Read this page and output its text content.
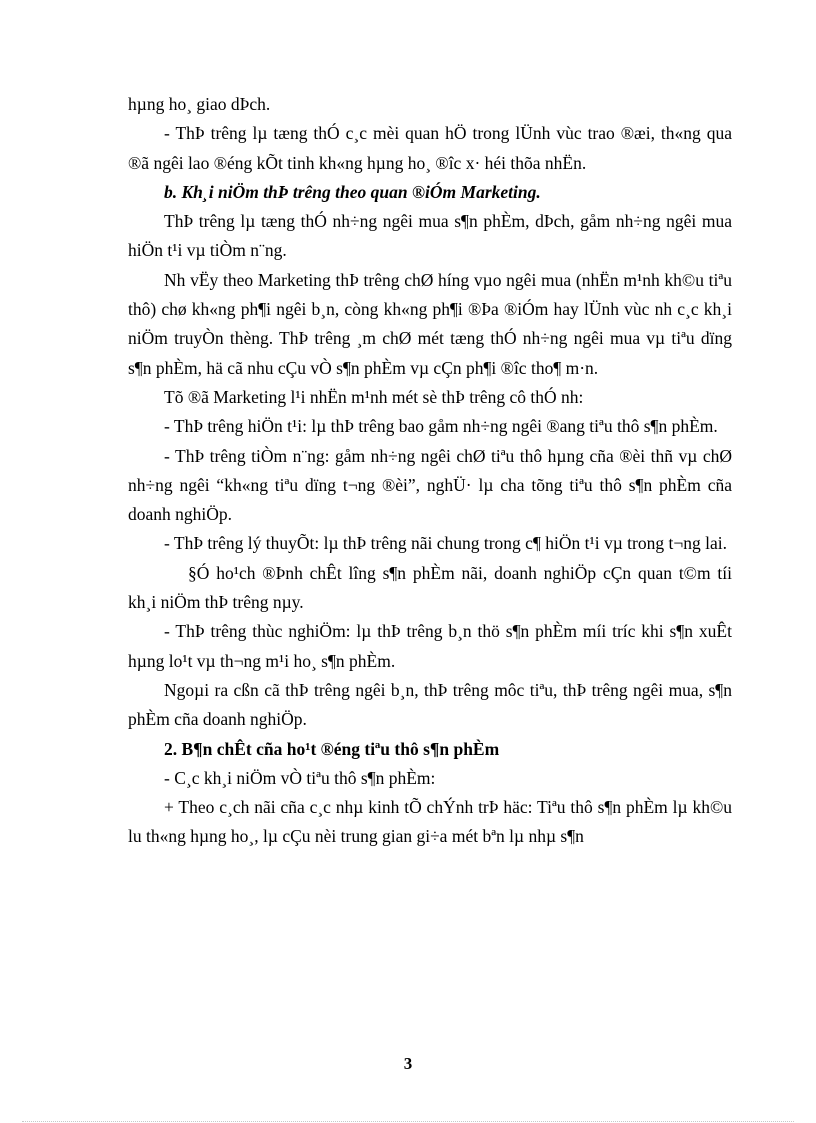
hµng ho¸ giao dÞch.

- ThÞ trêng lµ tæng thÓ c¸c mèi quan hÖ trong lÜnh vùc trao ®æi, th«ng qua ®ã ngêi lao ®éng kÕt tinh kh«ng hµng ho¸ ®îc x· héi thõa nhËn.

b. Kh¸i niÖm thÞ trêng theo quan ®iÓm Marketing.

ThÞ trêng lµ tæng thÓ nh÷ng ngêi mua s¶n phÈm, dÞch, gåm nh÷ng ngêi mua hiÖn t¹i vµ tiÒm n¨ng.

Nh vËy theo Marketing thÞ trêng chØ híng vµo ngêi mua (nhËn m¹nh kh©u tiªu thô) chø kh«ng ph¶i ngêi b¸n, còng kh«ng ph¶i ®Þa ®iÓm hay lÜnh vùc nh c¸c kh¸i niÖm truyÒn thèng. ThÞ trêng ¸m chØ mét tæng thÓ nh÷ng ngêi mua vµ tiªu dïng s¶n phÈm, hä cã nhu cÇu vÒ s¶n phÈm vµ cÇn ph¶i ®îc tho¶ m·n.

Tõ ®ã Marketing l¹i nhËn m¹nh mét sè thÞ trêng cô thÓ nh:

- ThÞ trêng hiÖn t¹i: lµ thÞ trêng bao gåm nh÷ng ngêi ®ang tiªu thô s¶n phÈm.

- ThÞ trêng tiÒm n¨ng: gåm nh÷ng ngêi chØ tiªu thô hµng cña ®èi thñ vµ chØ nh÷ng ngêi “kh«ng tiªu dïng t¬ng ®èi”, nghÜ· lµ cha tõng tiªu thô s¶n phÈm cña doanh nghiÖp.

- ThÞ trêng lý thuyÕt: lµ thÞ trêng nãi chung trong c¶ hiÖn t¹i vµ trong t¬ng lai.

§Ó ho¹ch ®Þnh chÊt lîng s¶n phÈm nãi, doanh nghiÖp cÇn quan t©m tíi kh¸i niÖm thÞ trêng nµy.

- ThÞ trêng thùc nghiÖm: lµ thÞ trêng b¸n thö s¶n phÈm míi tríc khi s¶n xuÊt hµng lo¹t vµ th¬ng m¹i ho¸ s¶n phÈm.

Ngoµi ra cßn cã thÞ trêng ngêi b¸n, thÞ trêng môc tiªu, thÞ trêng ngêi mua, s¶n phÈm cña doanh nghiÖp.

2. B¶n chÊt cña ho¹t ®éng tiªu thô s¶n phÈm

- C¸c kh¸i niÖm vÒ tiªu thô s¶n phÈm:

+ Theo c¸ch nãi cña c¸c nhµ kinh tÕ chÝnh trÞ häc: Tiªu thô s¶n phÈm lµ kh©u lu th«ng hµng ho¸, lµ cÇu nèi trung gian gi÷a mét bªn lµ nhµ s¶n

3
